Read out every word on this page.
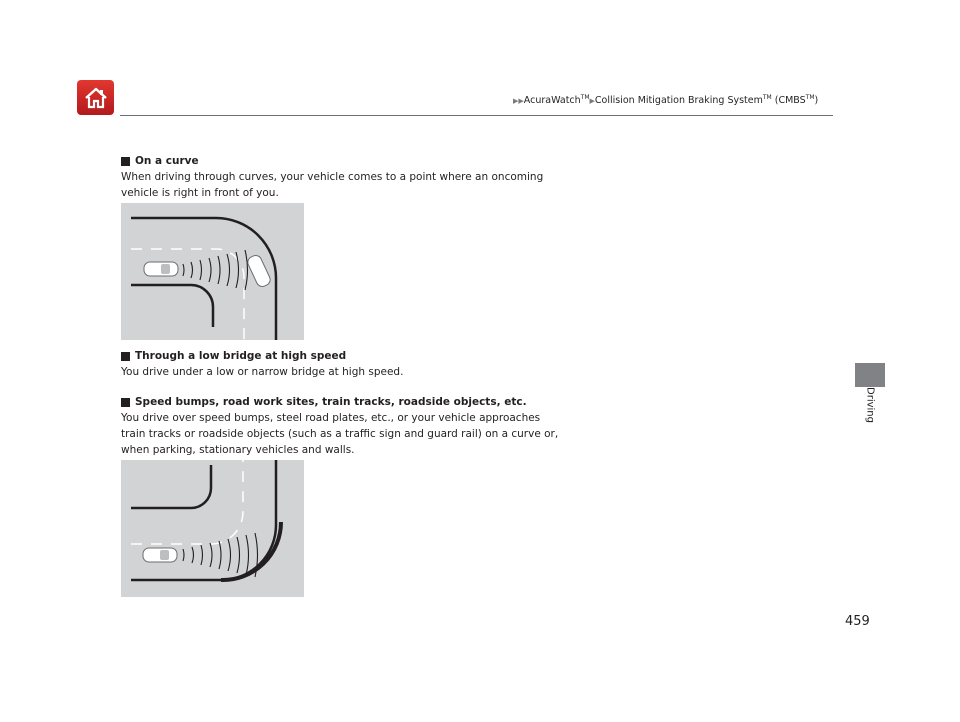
▶▶AcuraWatch™▶Collision Mitigation Braking System™ (CMBS™)
Driving

On a curve

When driving through curves, your vehicle comes to a point where an oncoming vehicle is right in front of you.

Through a low bridge at high speed

You drive under a low or narrow bridge at high speed.

Speed bumps, road work sites, train tracks, roadside objects, etc.

You drive over speed bumps, steel road plates, etc., or your vehicle approaches train tracks or roadside objects (such as a traffic sign and guard rail) on a curve or, when parking, stationary vehicles and walls.

459
